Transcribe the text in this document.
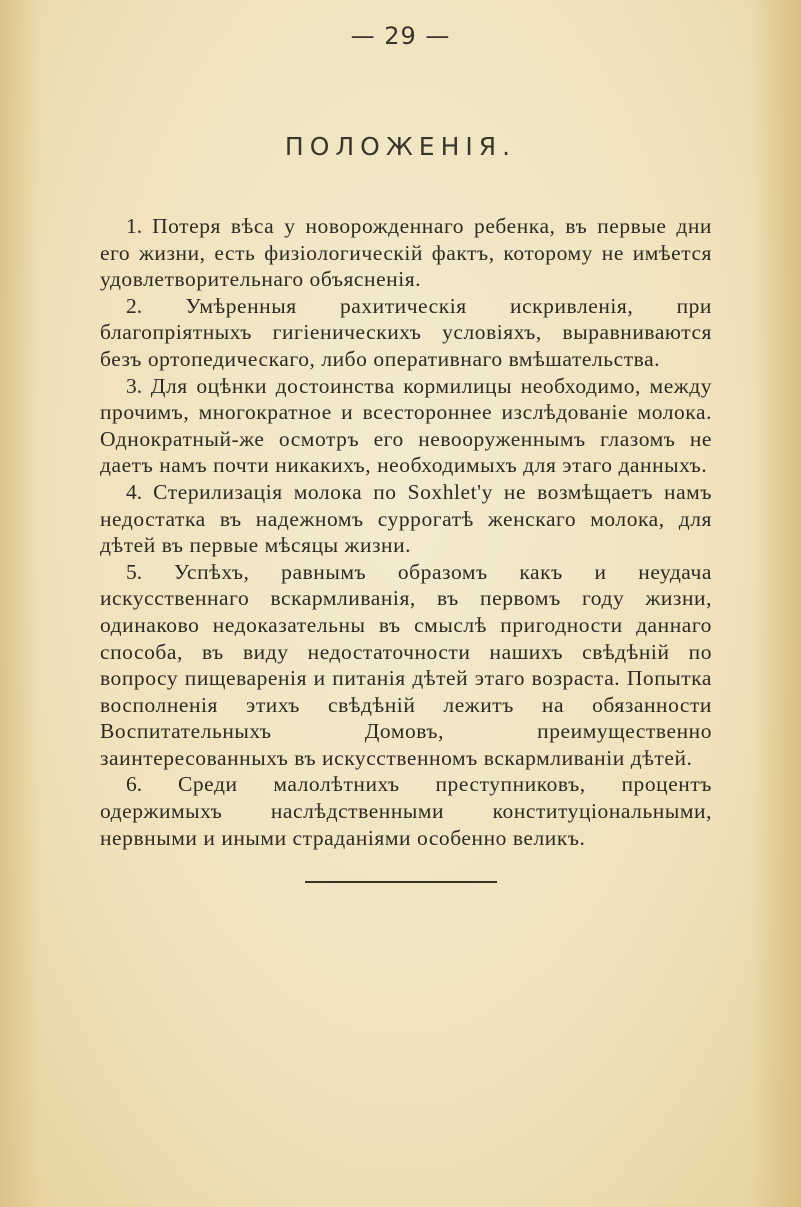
— 29 —
ПОЛОЖЕНІЯ.

1. Потеря вѣса у новорожденнаго ребенка, въ первые дни его жизни, есть физіологическій фактъ, которому не имѣется удовлетворительнаго объясненія.

2. Умѣренныя рахитическія искривленія, при благопріятныхъ гигіеническихъ условіяхъ, выравниваются безъ ортопедическаго, либо оперативнаго вмѣшательства.

3. Для оцѣнки достоинства кормилицы необходимо, между прочимъ, многократное и всестороннее изслѣдованіе молока. Однократный-же осмотръ его невооруженнымъ глазомъ не даетъ намъ почти никакихъ, необходимыхъ для этаго данныхъ.

4. Стерилизація молока по Soxhlet'у не возмѣщаетъ намъ недостатка въ надежномъ суррогатѣ женскаго молока, для дѣтей въ первые мѣсяцы жизни.

5. Успѣхъ, равнымъ образомъ какъ и неудача искусственнаго вскармливанія, въ первомъ году жизни, одинаково недоказательны въ смыслѣ пригодности даннаго способа, въ виду недостаточности нашихъ свѣдѣній по вопросу пищеваренія и питанія дѣтей этаго возраста. Попытка восполненія этихъ свѣдѣній лежитъ на обязанности Воспитательныхъ Домовъ, преимущественно заинтересованныхъ въ искусственномъ вскармливаніи дѣтей.

6. Среди малолѣтнихъ преступниковъ, процентъ одержимыхъ наслѣдственными конституціональными, нервными и иными страданіями особенно великъ.
